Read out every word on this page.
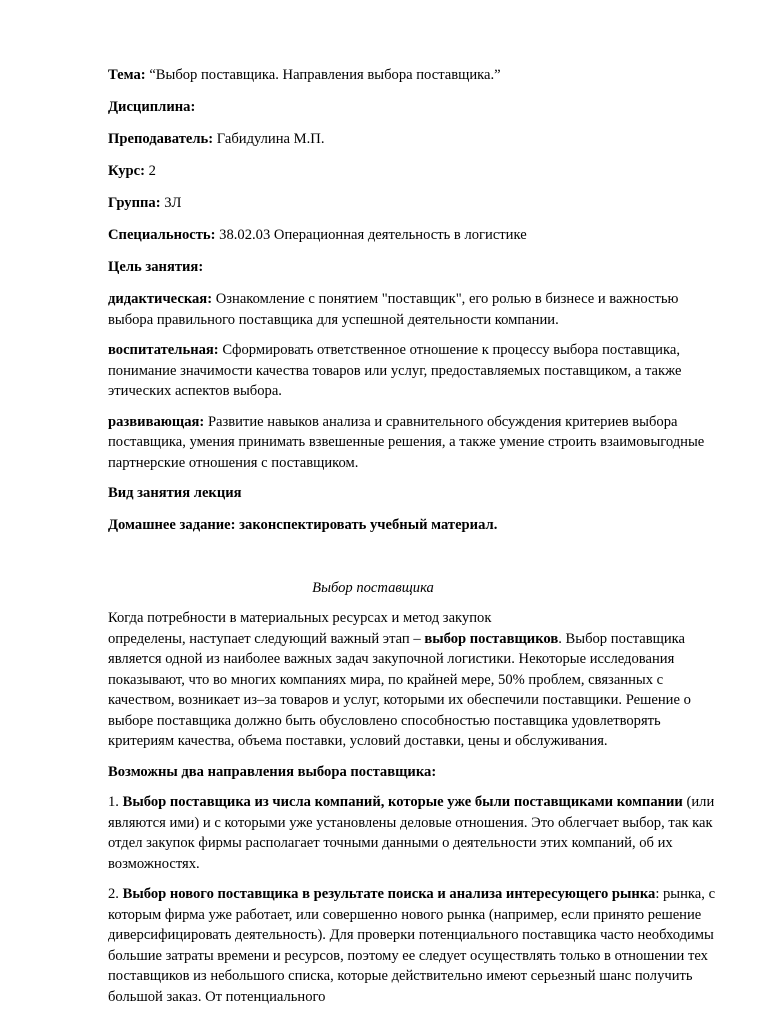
Тема: “Выбор поставщика. Направления выбора поставщика.”

Дисциплина:

Преподаватель: Габидулина М.П.

Курс: 2

Группа: 3Л

Специальность: 38.02.03 Операционная деятельность в логистике

Цель занятия:

дидактическая: Ознакомление с понятием "поставщик", его ролью в бизнесе и важностью выбора правильного поставщика для успешной деятельности компании.

воспитательная: Сформировать ответственное отношение к процессу выбора поставщика, понимание значимости качества товаров или услуг, предоставляемых поставщиком, а также этических аспектов выбора.

развивающая: Развитие навыков анализа и сравнительного обсуждения критериев выбора поставщика, умения принимать взвешенные решения, а также умение строить взаимовыгодные партнерские отношения с поставщиком.

Вид занятия лекция

Домашнее задание: законспектировать учебный материал.

Выбор поставщика

Когда потребности в материальных ресурсах и метод закупок
определены, наступает следующий важный этап – выбор поставщиков. Выбор поставщика является одной из наиболее важных задач закупочной логистики. Некоторые исследования показывают, что во многих компаниях мира, по крайней мере, 50% проблем, связанных с качеством, возникает из–за товаров и услуг, которыми их обеспечили поставщики. Решение о выборе поставщика должно быть обусловлено способностью поставщика удовлетворять критериям качества, объема поставки, условий доставки, цены и обслуживания.

Возможны два направления выбора поставщика:

1. Выбор поставщика из числа компаний, которые уже были поставщиками компании (или являются ими) и с которыми уже установлены деловые отношения. Это облегчает выбор, так как отдел закупок фирмы располагает точными данными о деятельности этих компаний, об их возможностях.

2. Выбор нового поставщика в результате поиска и анализа интересующего рынка: рынка, с которым фирма уже работает, или совершенно нового рынка (например, если принято решение диверсифицировать деятельность). Для проверки потенциального поставщика часто необходимы большие затраты времени и ресурсов, поэтому ее следует осуществлять только в отношении тех поставщиков из небольшого списка, которые действительно имеют серьезный шанс получить большой заказ. От потенциального
